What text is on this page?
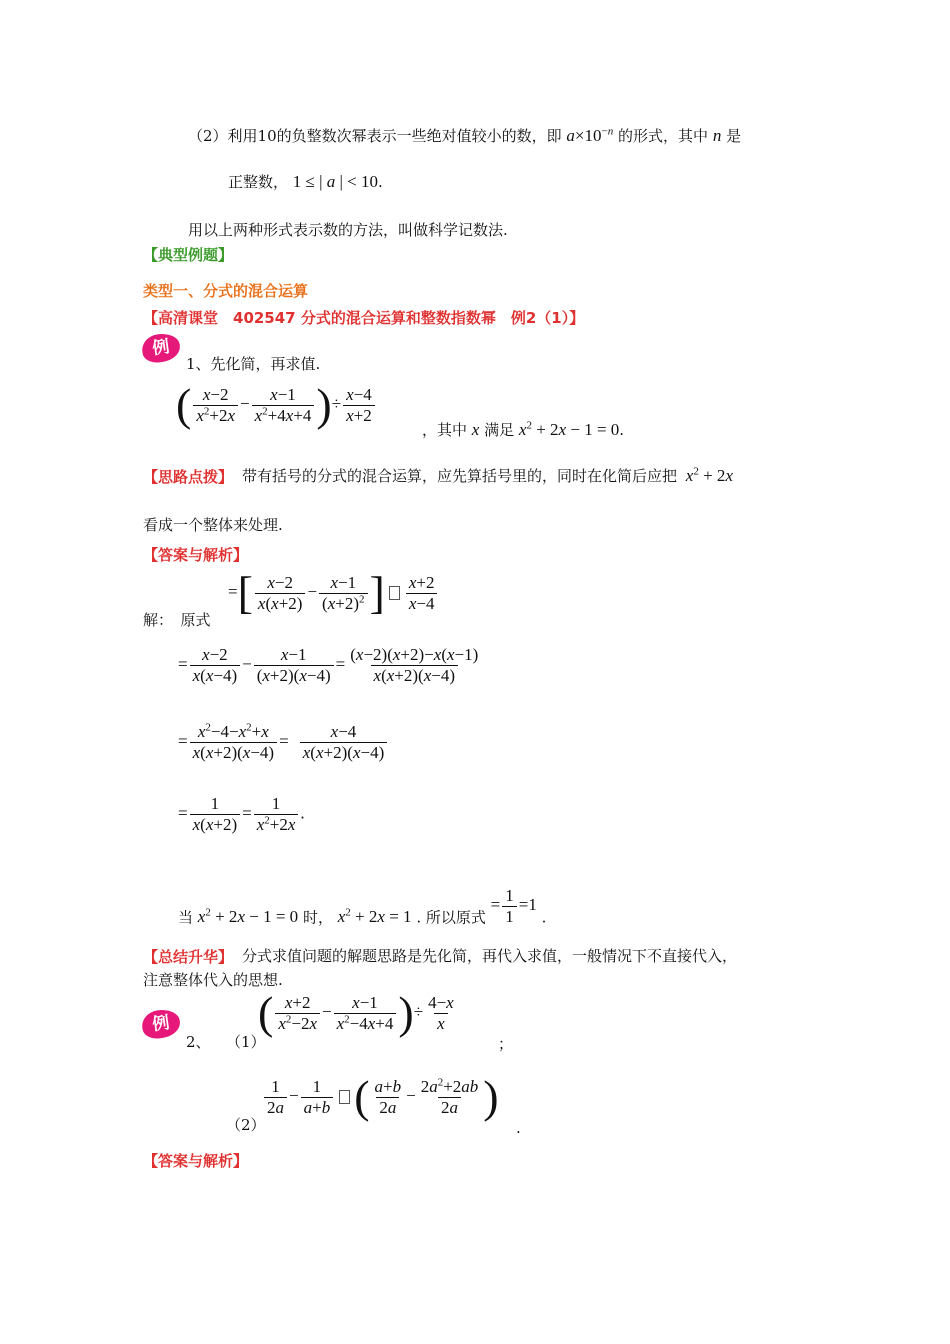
（2）利用10的负整数次幂表示一些绝对值较小的数，即 $a\times 10^{-n}$ 的形式，其中 n 是
正整数， 1 ≤ | a | < 10.
用以上两种形式表示数的方法，叫做科学记数法.
【典型例题】
类型一、分式的混合运算
【高清课堂　402547 分式的混合运算和整数指数幂　例2（1）】
例
1、先化简，再求值.
( $\frac{x-2}{x^2+2x} - \frac{x-1}{x^2+4x+4}$ )÷ $\frac{x-4}{x+2}$
，其中 x 满足 $x^2 + 2x - 1 = 0$.
【思路点拨】 带有括号的分式的混合运算，应先算括号里的，同时在化简后应把 $x^2 + 2x$
看成一个整体来处理.
【答案与解析】
解：　原式
=[ $\frac{x-2}{x(x+2)} - \frac{x-1}{(x+2)^2}$ ] $\frac{x+2}{x-4}$
= $\frac{x-2}{x(x-4)} - \frac{x-1}{(x+2)(x-4)} = \frac{(x-2)(x+2)-x(x-1)}{x(x+2)(x-4)}$
= $\frac{x^2-4-x^2+x}{x(x+2)(x-4)} = \frac{x-4}{x(x+2)(x-4)}$
= $\frac{1}{x(x+2)} = \frac{1}{x^2+2x}$ .
当 $x^2 + 2x - 1 = 0$ 时， $x^2 + 2x = 1$ . 所以原式 = $\frac{1}{1} =1$ .
【总结升华】 分式求值问题的解题思路是先化简，再代入求值，一般情况下不直接代入，
注意整体代入的思想.
例
2、 （1）
( $\frac{x+2}{x^2-2x} - \frac{x-1}{x^2-4x+4}$ )÷ $\frac{4-x}{x}$
；
（2）
$\frac{1}{2a} - \frac{1}{a+b}$ ( $\frac{a+b}{2a} - \frac{2a^2+2ab}{2a}$ )
.
【答案与解析】
